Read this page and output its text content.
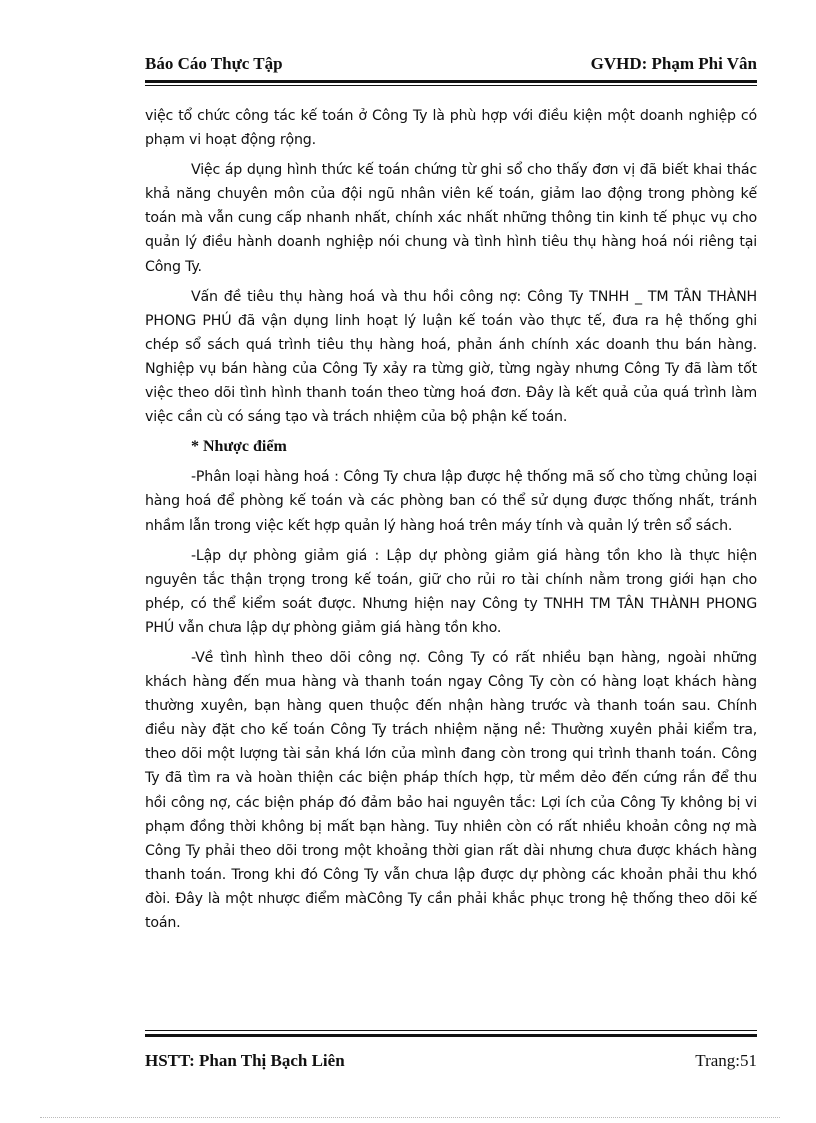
Báo Cáo Thực Tập	GVHD: Phạm Phi Vân

việc tổ chức công tác kế toán ở Công Ty là phù hợp với điều kiện một doanh nghiệp có phạm vi hoạt động rộng.

Việc áp dụng hình thức kế toán chứng từ ghi sổ cho thấy đơn vị đã biết khai thác khả năng chuyên môn của đội ngũ nhân viên kế toán, giảm lao động trong phòng kế toán mà vẫn cung cấp nhanh nhất, chính xác nhất những thông tin kinh tế phục vụ cho quản lý điều hành doanh nghiệp nói chung và tình hình tiêu thụ hàng hoá nói riêng tại Công Ty.

Vấn đề tiêu thụ hàng hoá và thu hồi công nợ: Công Ty TNHH _ TM TÂN THÀNH PHONG PHÚ đã vận dụng linh hoạt lý luận kế toán vào thực tế, đưa ra hệ thống ghi chép sổ sách quá trình tiêu thụ hàng hoá, phản ánh chính xác doanh thu bán hàng. Nghiệp vụ bán hàng của Công Ty xảy ra từng giờ, từng ngày nhưng Công Ty đã làm tốt việc theo dõi tình hình thanh toán theo từng hoá đơn. Đây là kết quả của quá trình làm việc cần cù có sáng tạo và trách nhiệm của bộ phận kế toán.

* Nhược điểm

-Phân loại hàng hoá : Công Ty chưa lập được hệ thống mã số cho từng chủng loại hàng hoá để phòng kế toán và các phòng ban có thể sử dụng được thống nhất, tránh nhầm lẫn trong việc kết hợp quản lý hàng hoá trên máy tính và quản lý trên sổ sách.

-Lập dự phòng giảm giá : Lập dự phòng giảm giá hàng tồn kho là thực hiện nguyên tắc thận trọng trong kế toán, giữ cho rủi ro tài chính nằm trong giới hạn cho phép, có thể kiểm soát được. Nhưng hiện nay Công ty TNHH TM TÂN THÀNH PHONG PHÚ vẫn chưa lập dự phòng giảm giá hàng tồn kho.

-Về tình hình theo dõi công nợ. Công Ty có rất nhiều bạn hàng, ngoài những khách hàng đến mua hàng và thanh toán ngay Công Ty còn có hàng loạt khách hàng thường xuyên, bạn hàng quen thuộc đến nhận hàng trước và thanh toán sau. Chính điều này đặt cho kế toán Công Ty trách nhiệm nặng nề: Thường xuyên phải kiểm tra, theo dõi một lượng tài sản khá lớn của mình đang còn trong qui trình thanh toán. Công Ty đã tìm ra và hoàn thiện các biện pháp thích hợp, từ mềm dẻo đến cứng rắn để thu hồi công nợ, các biện pháp đó đảm bảo hai nguyên tắc: Lợi ích của Công Ty không bị vi phạm đồng thời không bị mất bạn hàng. Tuy nhiên còn có rất nhiều khoản công nợ mà Công Ty phải theo dõi trong một khoảng thời gian rất dài nhưng chưa được khách hàng thanh toán. Trong khi đó Công Ty vẫn chưa lập được dự phòng các khoản phải thu khó đòi. Đây là một nhược điểm màCông Ty cần phải khắc phục trong hệ thống theo dõi kế toán.

HSTT: Phan Thị Bạch Liên	Trang:51
